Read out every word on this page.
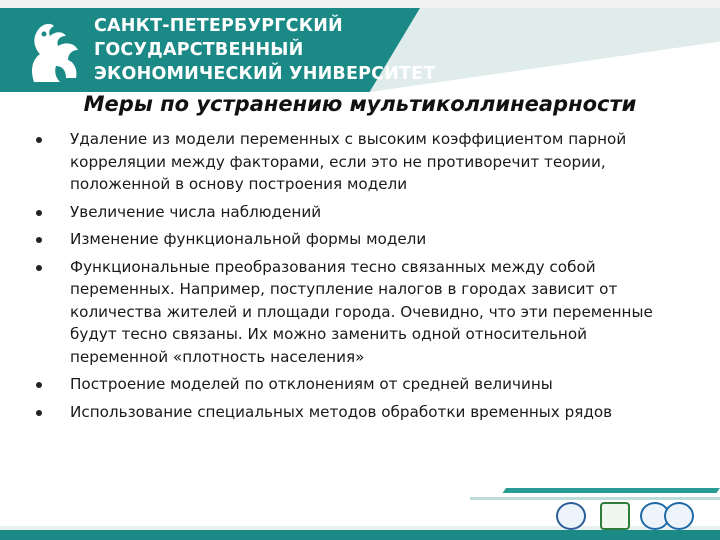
САНКТ-ПЕТЕРБУРГСКИЙ
ГОСУДАРСТВЕННЫЙ
ЭКОНОМИЧЕСКИЙ УНИВЕРСИТЕТ
Меры по устранению мультиколлинеарности
Удаление из модели переменных с высоким коэффициентом парной корреляции между факторами, если это не противоречит теории, положенной в основу построения модели
Увеличение числа наблюдений
Изменение функциональной формы модели
Функциональные преобразования тесно связанных между собой переменных. Например, поступление налогов в городах зависит от количества жителей и площади города. Очевидно, что эти переменные будут тесно связаны. Их можно заменить одной относительной переменной «плотность населения»
Построение моделей по отклонениям от средней величины
Использование специальных методов обработки временных рядов
